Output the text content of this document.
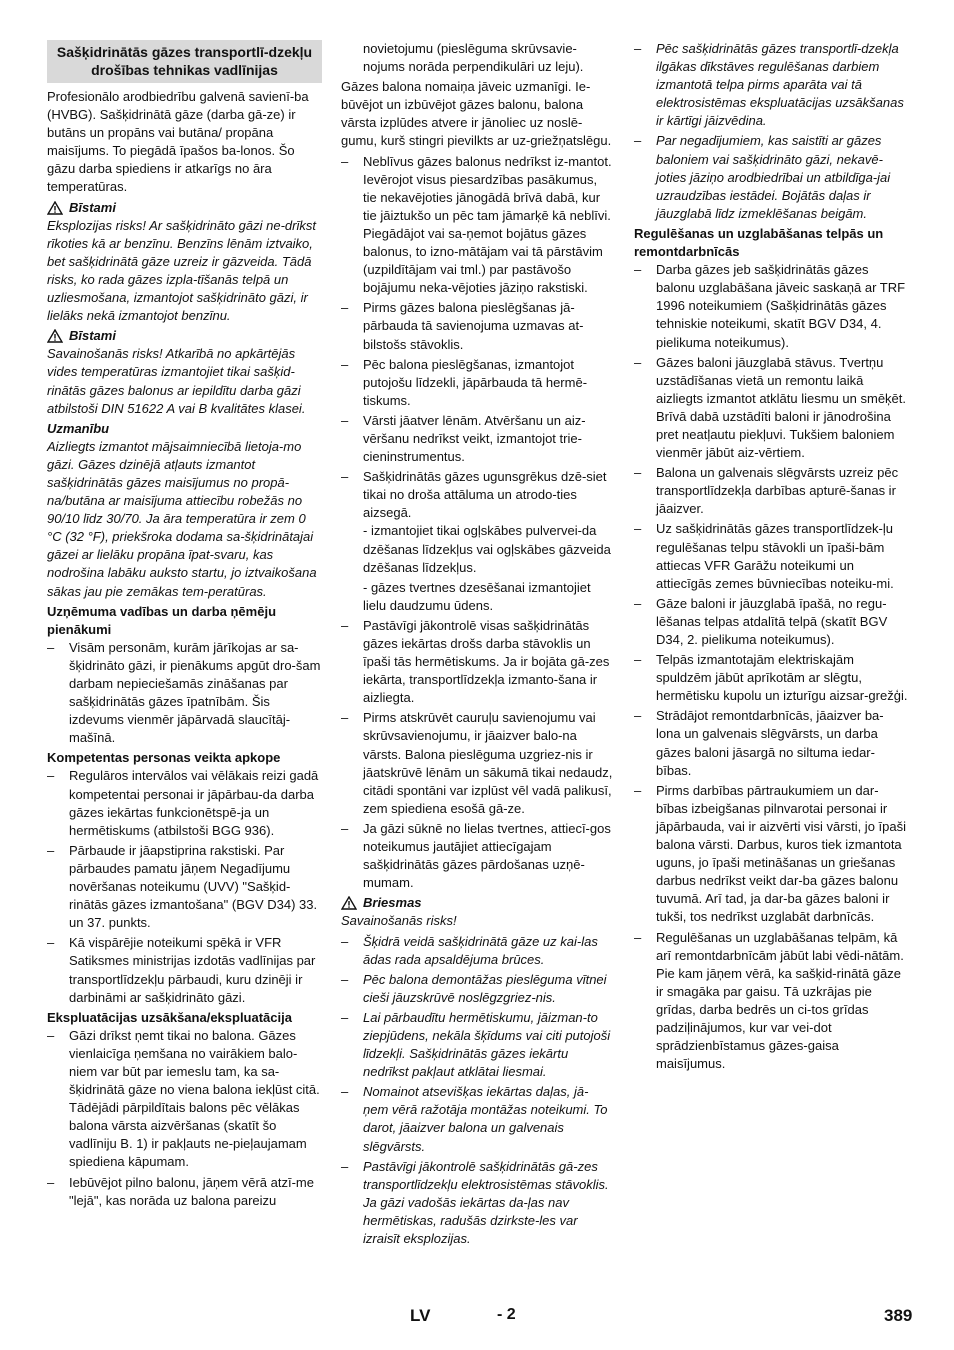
Sašķidrinātās gāzes transportlī-dzekļu drošības tehnikas vadlīnijas

Profesionālo arodbiedrību galvenā savienī-ba (HVBG). Sašķidrinātā gāze (darba gā-ze) ir butāns un propāns vai butāna/ propāna maisījums. To piegādā īpašos ba-lonos. Šo gāzu darba spiediens ir atkarīgs no āra temperatūras.

Bīstami

Eksplozijas risks! Ar sašķidrināto gāzi ne-drīkst rīkoties kā ar benzīnu. Benzīns lēnām iztvaiko, bet sašķidrinātā gāze uzreiz ir gāzveida. Tādā risks, ko rada gāzes izpla-tīšanās telpā un uzliesmošana, izmantojot sašķidrināto gāzi, ir lielāks nekā izmantojot benzīnu.

Bīstami

Savainošanās risks! Atkarībā no apkārtējās vides temperatūras izmantojiet tikai sašķid-rinātās gāzes balonus ar iepildītu darba gāzi atbilstoši DIN 51622 A vai B kvalitātes klasei.

Uzmanību

Aizliegts izmantot mājsaimniecībā lietoja-mo gāzi. Gāzes dzinējā atļauts izmantot sašķidrinātās gāzes maisījumus no propā-na/butāna ar maisījuma attiecību robežās no 90/10 līdz 30/70. Ja āra temperatūra ir zem 0 °C (32 °F), priekšroka dodama sa-šķidrinātajai gāzei ar lielāku propāna īpat-svaru, kas nodrošina labāku auksto startu, jo iztvaikošana sākas jau pie zemākas tem-peratūras.

Uzņēmuma vadības un darba ņēmēju pienākumi

– Visām personām, kurām jārīkojas ar sa-šķidrināto gāzi, ir pienākums apgūt dro-šam darbam nepieciešamās zināšanas par sašķidrinātās gāzes īpatnībām. Šis izdevums vienmēr jāpārvadā slaucītāj-mašīnā.

Kompetentas personas veikta apkope

– Regulāros intervālos vai vēlākais reizi gadā kompetentai personai ir jāpārbau-da darba gāzes iekārtas funkcionētspē-ja un hermētiskums (atbilstoši BGG 936).
– Pārbaude ir jāapstiprina rakstiski. Par pārbaudes pamatu jāņem Negadījumu novēršanas noteikumu (UVV) "Sašķid-rinātās gāzes izmantošana" (BGV D34) 33. un 37. punkts.
– Kā vispārējie noteikumi spēkā ir VFR Satiksmes ministrijas izdotās vadlīnijas par transportlīdzekļu pārbaudi, kuru dzinēji ir darbināmi ar sašķidrināto gāzi.

Ekspluatācijas uzsākšana/ekspluatācija

– Gāzi drīkst ņemt tikai no balona. Gāzes vienlaicīga ņemšana no vairākiem balo-niem var būt par iemeslu tam, ka sa-šķidrinātā gāze no viena balona iekļūst citā. Tādējādi pārpildītais balons pēc vēlākas balona vārsta aizvēršanas (skatīt šo vadlīniju B. 1) ir pakļauts ne-pieļaujamam spiediena kāpumam.
– Iebūvējot pilno balonu, jāņem vērā atzī-me "lejā", kas norāda uz balona pareizu

novietojumu (pieslēguma skrūvsavie-nojums norāda perpendikulāri uz leju).

Gāzes balona nomaiņa jāveic uzmanīgi. Ie-būvējot un izbūvējot gāzes balonu, balona vārsta izplūdes atvere ir jānoliec uz noslē-gumu, kurš stingri pievilkts ar uz-griežņatslēgu.

– Neblīvus gāzes balonus nedrīkst iz-mantot. Ievērojot visus piesardzības pasākumus, tie nekavējoties jānogādā brīvā dabā, kur tie jāiztukšo un pēc tam jāmarķē kā neblīvi. Piegādājot vai sa-ņemot bojātus gāzes balonus, to izno-mātājam vai tā pārstāvim (uzpildītājam vai tml.) par pastāvošo bojājumu neka-vējoties jāziņo rakstiski.
– Pirms gāzes balona pieslēgšanas jā-pārbauda tā savienojuma uzmavas at-bilstošs stāvoklis.
– Pēc balona pieslēgšanas, izmantojot putojošu līdzekli, jāpārbauda tā hermē-tiskums.
– Vārsti jāatver lēnām. Atvēršanu un aiz-vēršanu nedrīkst veikt, izmantojot trie-cieninstrumentus.
– Sašķidrinātās gāzes ugunsgrēkus dzē-siet tikai no droša attāluma un atrodo-ties aizsegā.

- izmantojiet tikai ogļskābes pulvervei-da dzēšanas līdzekļus vai ogļskābes gāzveida dzēšanas līdzekļus.

- gāzes tvertnes dzesēšanai izmantojiet lielu daudzumu ūdens.

– Pastāvīgi jākontrolē visas sašķidrinātās gāzes iekārtas drošs darba stāvoklis un īpaši tās hermētiskums. Ja ir bojāta gā-zes iekārta, transportlīdzekļa izmanto-šana ir aizliegta.
– Pirms atskrūvēt cauruļu savienojumu vai skrūvsavienojumu, ir jāaizver balo-na vārsts. Balona pieslēguma uzgriez-nis ir jāatskrūvē lēnām un sākumā tikai nedaudz, citādi spontāni var izplūst vēl vadā palikusī, zem spiediena esošā gā-ze.
– Ja gāzi sūknē no lielas tvertnes, attiecī-gos noteikumus jautājiet attiecīgajam sašķidrinātās gāzes pārdošanas uzņē-mumam.
Briesmas

Savainošanās risks!

– Šķidrā veidā sašķidrinātā gāze uz kai-las ādas rada apsaldējuma brūces.
– Pēc balona demontāžas pieslēguma vītnei cieši jāuzskrūvē noslēgzgriez-nis.
– Lai pārbaudītu hermētiskumu, jāizman-to ziepjūdens, nekāla šķīdums vai citi putojoši līdzekļi. Sašķidrinātās gāzes iekārtu nedrīkst pakļaut atklātai liesmai.
– Nomainot atsevišķas iekārtas daļas, jā-ņem vērā ražotāja montāžas noteikumi. To darot, jāaizver balona un galvenais slēgvārsts.
– Pastāvīgi jākontrolē sašķidrinātās gā-zes transportlīdzekļu elektrosistēmas stāvoklis. Ja gāzi vadošās iekārtas da-ļas nav hermētiskas, radušās dzirkste-les var izraisīt eksplozijas.
– Pēc sašķidrinātās gāzes transportlī-dzekļa ilgākas dīkstāves regulēšanas darbiem izmantotā telpa pirms aparāta vai tā elektrosistēmas ekspluatācijas uzsākšanas ir kārtīgi jāizvēdina.
– Par negadījumiem, kas saistīti ar gāzes baloniem vai sašķidrināto gāzi, nekavē-joties jāziņo arodbiedrībai un atbildīga-jai uzraudzības iestādei. Bojātās daļas ir jāuzglabā līdz izmeklēšanas beigām.

Regulēšanas un uzglabāšanas telpās un remontdarbnīcās

– Darba gāzes jeb sašķidrinātās gāzes balonu uzglabāšana jāveic saskaņā ar TRF 1996 noteikumiem (Sašķidrinātās gāzes tehniskie noteikumi, skatīt BGV D34, 4. pielikuma noteikumus).
– Gāzes baloni jāuzglabā stāvus. Tvertņu uzstādīšanas vietā un remontu laikā aizliegts izmantot atklātu liesmu un smēķēt. Brīvā dabā uzstādīti baloni ir jānodrošina pret neatļautu piekļuvi. Tukšiem baloniem vienmēr jābūt aiz-vērtiem.
– Balona un galvenais slēgvārsts uzreiz pēc transportlīdzekļa darbības apturē-šanas ir jāaizver.
– Uz sašķidrinātās gāzes transportlīdzek-ļu regulēšanas telpu stāvokli un īpaši-bām attiecas VFR Garāžu noteikumi un attiecīgās zemes būvniecības noteiku-mi.
– Gāze baloni ir jāuzglabā īpašā, no regu-lēšanas telpas atdalītā telpā (skatīt BGV D34, 2. pielikuma noteikumus).
– Telpās izmantotajām elektriskajām spuldzēm jābūt aprīkotām ar slēgtu, hermētisku kupolu un izturīgu aizsar-grežģi.
– Strādājot remontdarbnīcās, jāaizver ba-lona un galvenais slēgvārsts, un darba gāzes baloni jāsargā no siltuma iedar-bības.
– Pirms darbības pārtraukumiem un dar-bības izbeigšanas pilnvarotai personai ir jāpārbauda, vai ir aizvērti visi vārsti, jo īpaši balona vārsti. Darbus, kuros tiek izmantota uguns, jo īpaši metināšanas un griešanas darbus nedrīkst veikt dar-ba gāzes balonu tuvumā. Arī tad, ja dar-ba gāzes baloni ir tukši, tos nedrīkst uzglabāt darbnīcās.
– Regulēšanas un uzglabāšanas telpām, kā arī remontdarbnīcām jābūt labi vēdi-nātām. Pie kam jāņem vērā, ka sašķid-rinātā gāze ir smagāka par gaisu. Tā uzkrājas pie grīdas, darba bedrēs un ci-tos grīdas padziļinājumos, kur var vei-dot sprādzienbīstamus gāzes-gaisa maisījumus.
LV	- 2	389
